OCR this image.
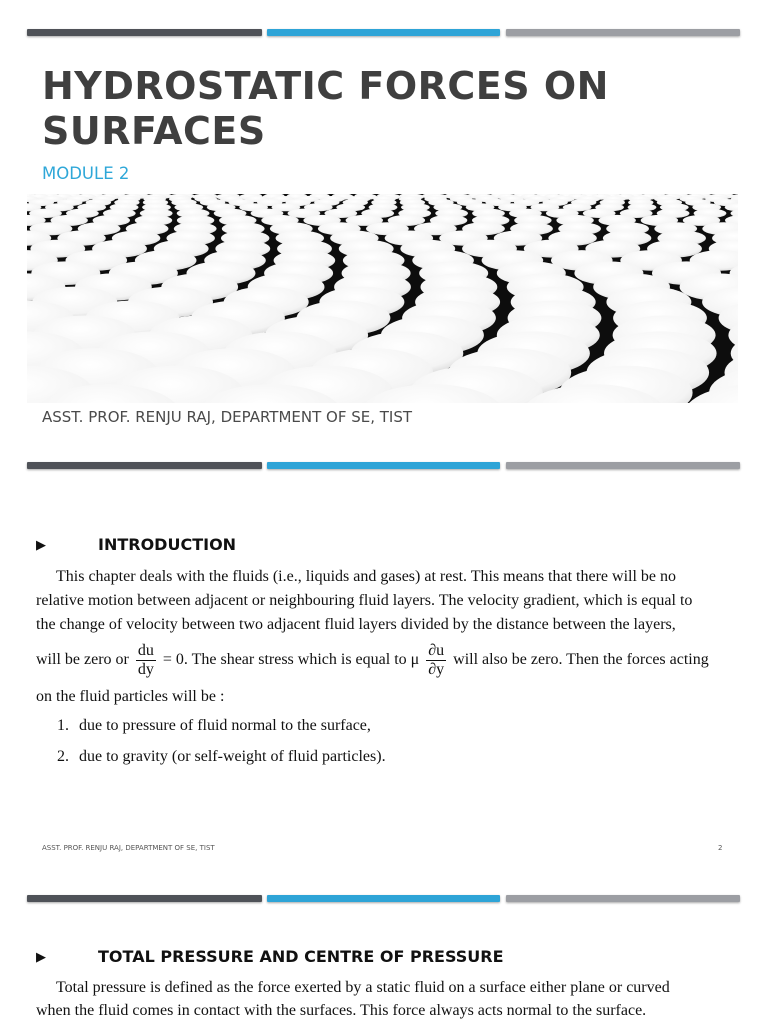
HYDROSTATIC FORCES ON SURFACES
MODULE 2
ASST. PROF. RENJU RAJ, DEPARTMENT OF SE, TIST
▶	INTRODUCTION
This chapter deals with the fluids (i.e., liquids and gases) at rest. This means that there will be no
relative motion between adjacent or neighbouring fluid layers. The velocity gradient, which is equal to
the change of velocity between two adjacent fluid layers divided by the distance between the layers,
will be zero or $\frac{du}{dy} = 0$. The shear stress which is equal to μ $\frac{\partial u}{\partial y}$ will also be zero. Then the forces acting
on the fluid particles will be :
1. due to pressure of fluid normal to the surface,
2. due to gravity (or self-weight of fluid particles).
ASST. PROF. RENJU RAJ, DEPARTMENT OF SE, TIST	2
▶	TOTAL PRESSURE AND CENTRE OF PRESSURE
Total pressure is defined as the force exerted by a static fluid on a surface either plane or curved
when the fluid comes in contact with the surfaces. This force always acts normal to the surface.
